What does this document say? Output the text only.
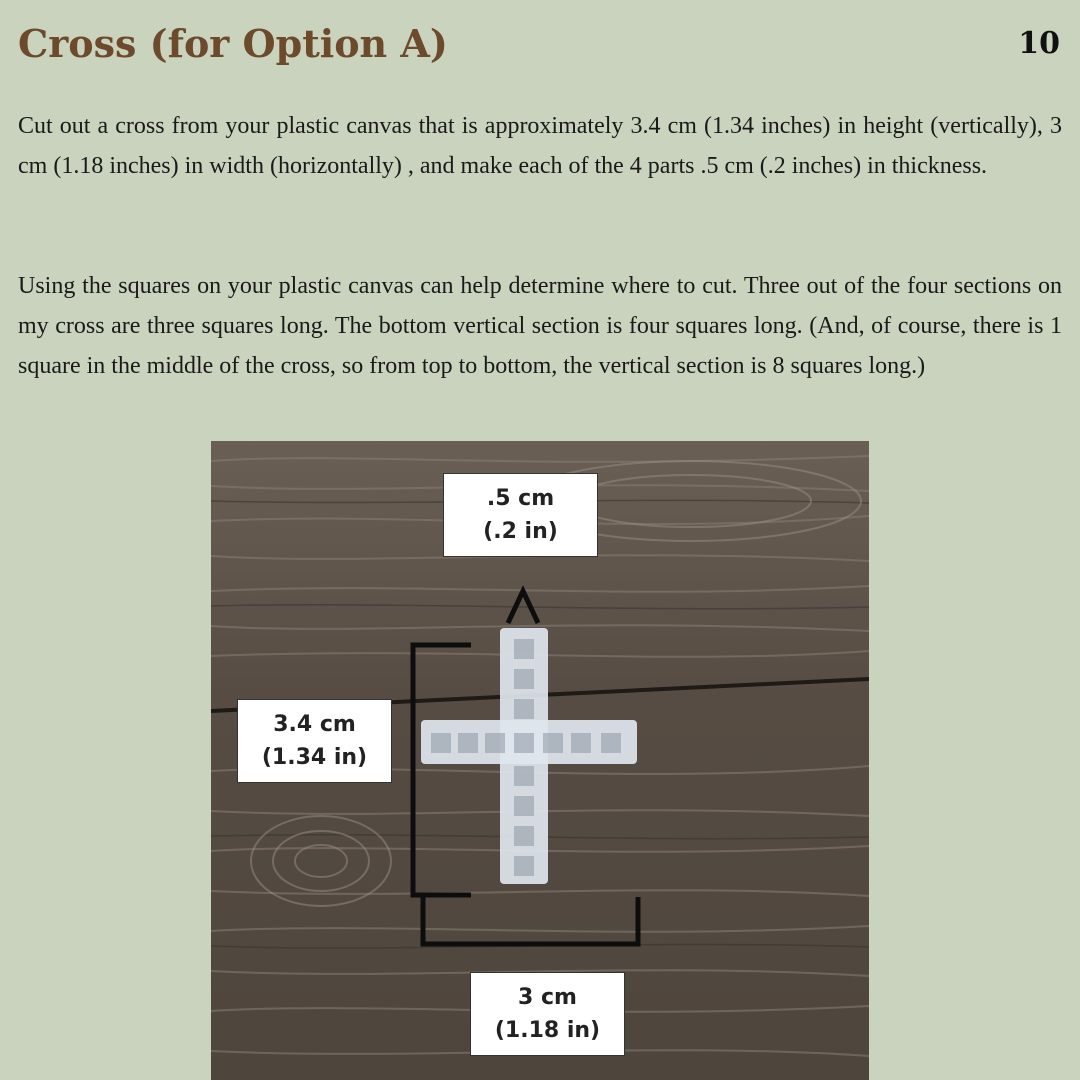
Cross (for Option A)	10

Cut out a cross from your plastic canvas that is approximately 3.4 cm (1.34 inches) in height (vertically), 3 cm (1.18 inches) in width (horizontally) , and make each of the 4 parts .5 cm (.2 inches) in thickness.

Using the squares on your plastic canvas can help determine where to cut. Three out of the four sections on my cross are three squares long. The bottom vertical section is four squares long. (And, of course, there is 1 square in the middle of the cross, so from top to bottom, the vertical section is 8 squares long.)

.5 cm
(.2 in)
3.4 cm
(1.34 in)
3 cm
(1.18 in)
